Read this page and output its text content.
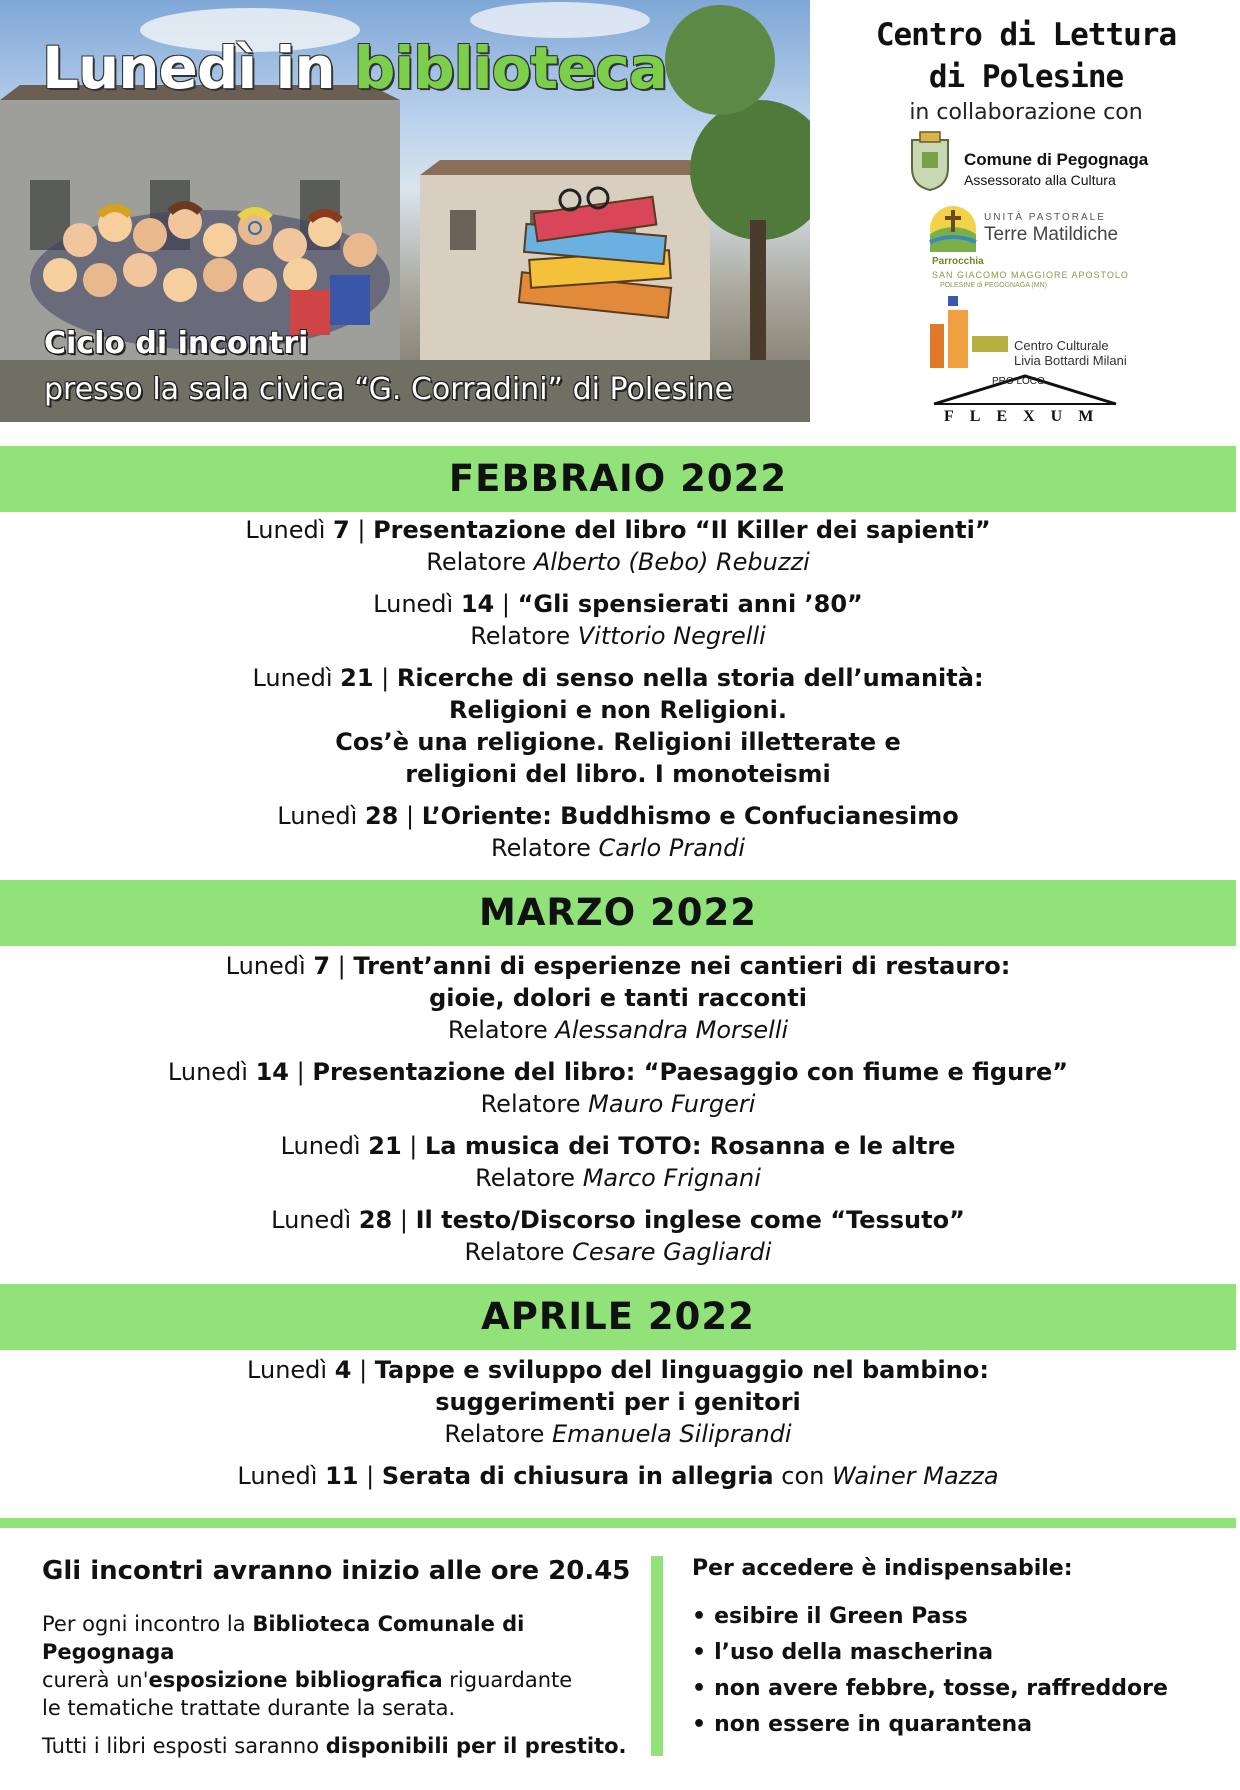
Lunedì in biblioteca
Ciclo di incontri
presso la sala civica “G. Corradini” di Polesine
Centro di Lettura
di Polesine
in collaborazione con
Comune di Pegognaga
Assessorato alla Cultura
UNITÀ PASTORALE
Terre Matildiche
Parrocchia
SAN GIACOMO MAGGIORE APOSTOLO
POLESINE di PEGOGNAGA (MN)
Centro Culturale
Livia Bottardi Milani
PRO LOCO
FLEXUM
FEBBRAIO 2022
Lunedì 7 | Presentazione del libro “Il Killer dei sapienti”
Relatore Alberto (Bebo) Rebuzzi
Lunedì 14 | “Gli spensierati anni ’80”
Relatore Vittorio Negrelli
Lunedì 21 | Ricerche di senso nella storia dell’umanità:
Religioni e non Religioni.
Cos’è una religione. Religioni illetterate e
religioni del libro. I monoteismi
Lunedì 28 | L’Oriente: Buddhismo e Confucianesimo
Relatore Carlo Prandi
MARZO 2022
Lunedì 7 | Trent’anni di esperienze nei cantieri di restauro:
gioie, dolori e tanti racconti
Relatore Alessandra Morselli
Lunedì 14 | Presentazione del libro: “Paesaggio con fiume e figure”
Relatore Mauro Furgeri
Lunedì 21 | La musica dei TOTO: Rosanna e le altre
Relatore Marco Frignani
Lunedì 28 | Il testo/Discorso inglese come “Tessuto”
Relatore Cesare Gagliardi
APRILE 2022
Lunedì 4 | Tappe e sviluppo del linguaggio nel bambino:
suggerimenti per i genitori
Relatore Emanuela Siliprandi
Lunedì 11 | Serata di chiusura in allegria con Wainer Mazza
Gli incontri avranno inizio alle ore 20.45

Per ogni incontro la Biblioteca Comunale di Pegognaga
curerà un'esposizione bibliografica riguardante
le tematiche trattate durante la serata.

Tutti i libri esposti saranno disponibili per il prestito.

Per accedere è indispensabile:
• esibire il Green Pass
• l’uso della mascherina
• non avere febbre, tosse, raffreddore
• non essere in quarantena
